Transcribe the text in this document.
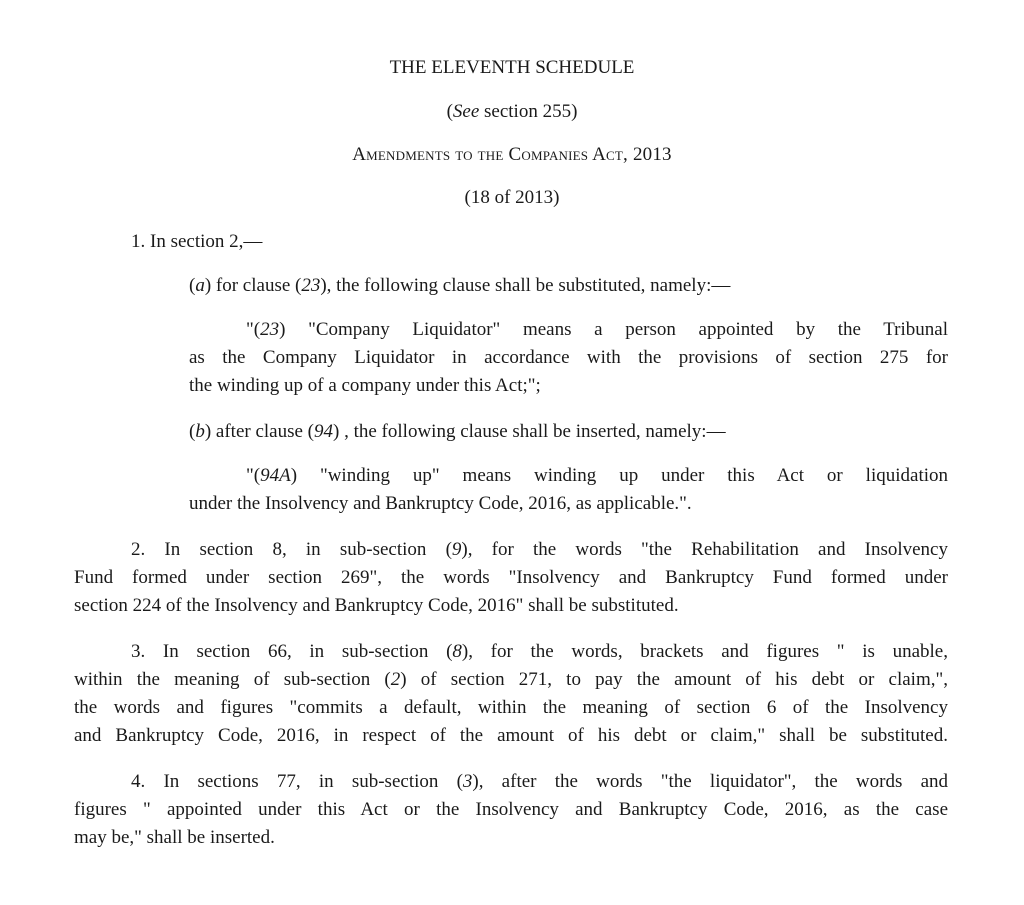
THE ELEVENTH SCHEDULE
(See section 255)
Amendments to the Companies Act, 2013
(18 of 2013)
1. In section 2,—
(a) for clause (23), the following clause shall be substituted, namely:—
"(23) "Company Liquidator" means a person appointed by the Tribunal
as the Company Liquidator in accordance with the provisions of section 275 for
the winding up of a company under this Act;";
(b) after clause (94) , the following clause shall be inserted, namely:—
"(94A) "winding up" means winding up under this Act or liquidation
under the Insolvency and Bankruptcy Code, 2016, as applicable.".
2. In section 8, in sub-section (9), for the words "the Rehabilitation and Insolvency
Fund formed under section 269", the words "Insolvency and Bankruptcy Fund formed under
section 224 of the Insolvency and Bankruptcy Code, 2016" shall be substituted.
3. In section 66, in sub-section (8), for the words, brackets and figures " is unable,
within the meaning of sub-section (2) of section 271, to pay the amount of his debt or claim,",
the words and figures "commits a default, within the meaning of section 6 of the Insolvency
and Bankruptcy Code, 2016, in respect of the amount of his debt or claim," shall be substituted.
4. In sections 77, in sub-section (3), after the words "the liquidator", the words and
figures " appointed under this Act or the Insolvency and Bankruptcy Code, 2016, as the case
may be," shall be inserted.
